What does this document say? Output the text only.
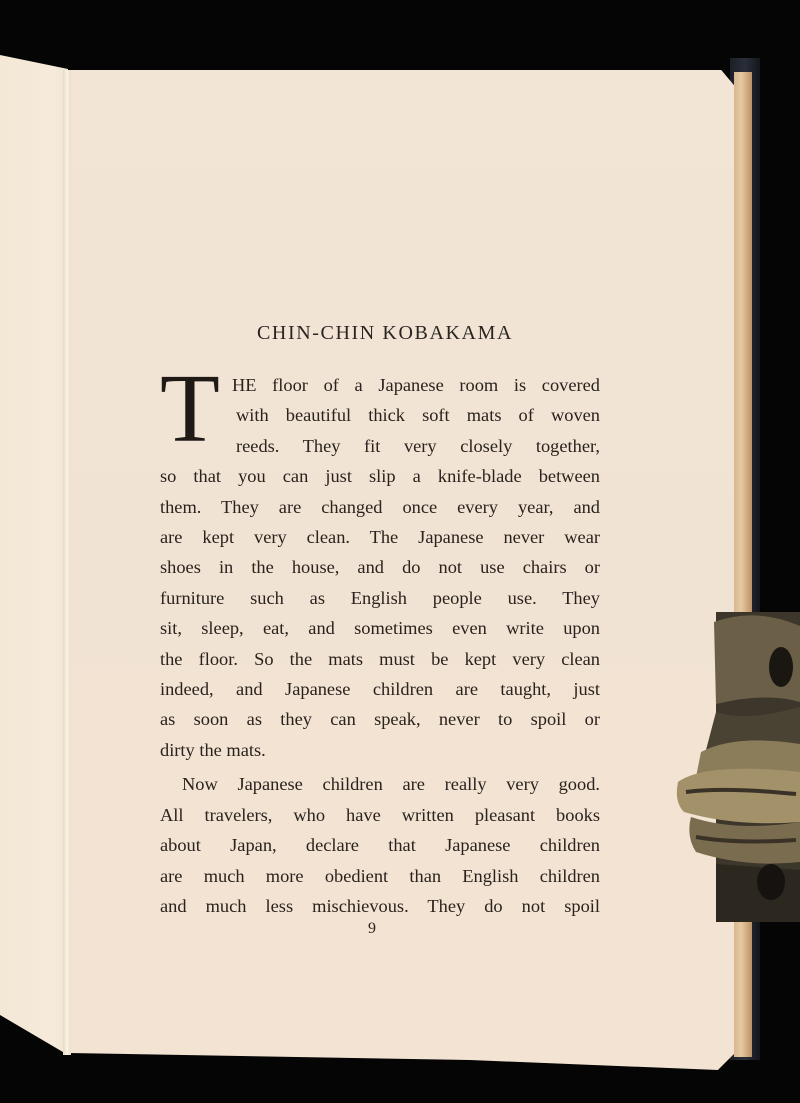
CHIN-CHIN KOBAKAMA
T HE floor of a Japanese room is covered
with beautiful thick soft mats of woven
reeds. They fit very closely together,
so that you can just slip a knife-blade between
them. They are changed once every year, and
are kept very clean. The Japanese never wear
shoes in the house, and do not use chairs or
furniture such as English people use. They
sit, sleep, eat, and sometimes even write upon
the floor. So the mats must be kept very clean
indeed, and Japanese children are taught, just
as soon as they can speak, never to spoil or
dirty the mats.

Now Japanese children are really very good.
All travelers, who have written pleasant books
about Japan, declare that Japanese children
are much more obedient than English children
and much less mischievous. They do not spoil

9
